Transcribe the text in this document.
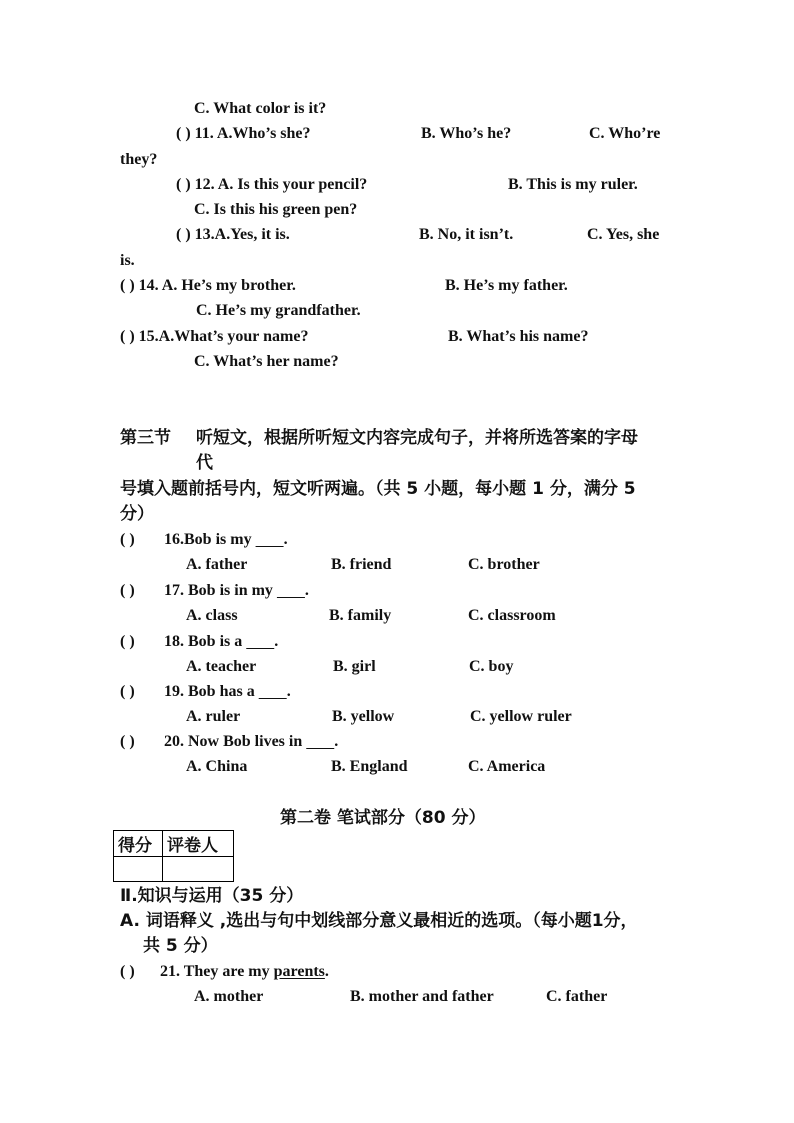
C. What color is it?
( ) 11. A.Who’s she?	B. Who’s he?	C. Who’re
they?
( ) 12. A. Is this your pencil?	B. This is my ruler.
C. Is this his green pen?
( ) 13.A.Yes, it is.	B. No, it isn’t.	C. Yes, she
is.
( ) 14. A. He’s my brother.	B. He’s my father.
C. He’s my grandfather.
( ) 15.A.What’s your name?	B. What’s his name?
C. What’s her name?
第三节 听短文，根据所听短文内容完成句子，并将所选答案的字母
代
号填入题前括号内，短文听两遍。（共 5 小题，每小题 1 分，满分 5
分）
( ) 16.Bob is my        .
A. father	B. friend	C. brother
( ) 17. Bob is in my        .
A. class	B. family	C. classroom
( ) 18. Bob is a        .
A. teacher	B. girl	C. boy
( ) 19. Bob has a        .
A. ruler	B. yellow	C. yellow ruler
( ) 20. Now Bob lives in        .
A. China	B. England	C. America
第二卷 笔试部分（80 分）
得分	评卷人

Ⅱ.知识与运用（35 分）
A. 词语释义 ,选出与句中划线部分意义最相近的选项。（每小题1分，
共 5 分）
( ) 21. They are my parents.
A. mother	B. mother and father	C. father
